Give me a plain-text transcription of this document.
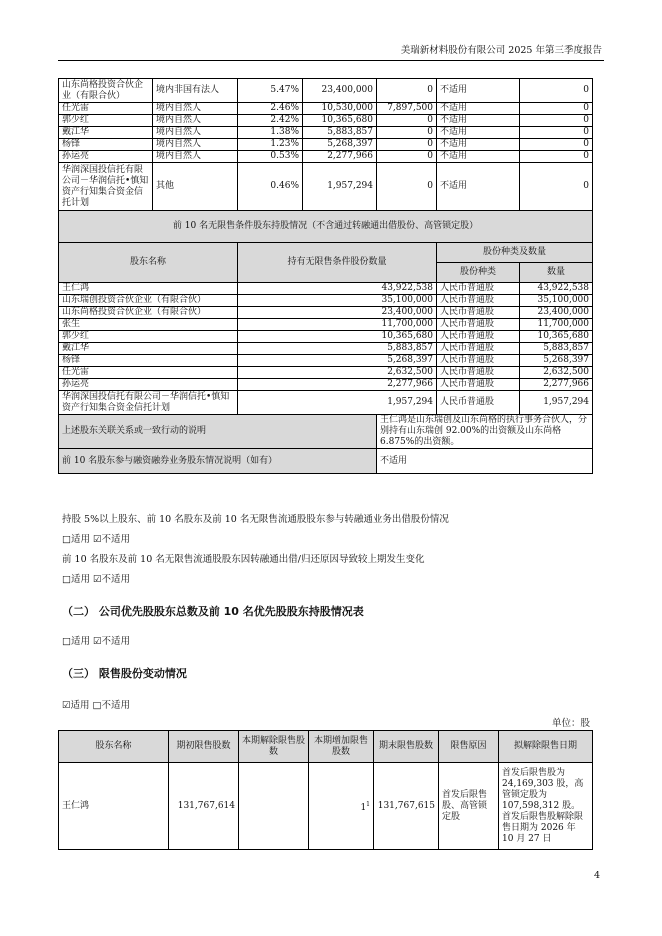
美瑞新材料股份有限公司 2025 年第三季度报告
山东尚格投资合伙企业（有限合伙）	境内非国有法人	5.47%	23,400,000	0	不适用	0
任光雷	境内自然人	2.46%	10,530,000	7,897,500	不适用	0
郭少红	境内自然人	2.42%	10,365,680	0	不适用	0
戴江华	境内自然人	1.38%	5,883,857	0	不适用	0
杨锋	境内自然人	1.23%	5,268,397	0	不适用	0
孙运亮	境内自然人	0.53%	2,277,966	0	不适用	0
华润深国投信托有限公司－华润信托•慎知资产行知集合资金信托计划	其他	0.46%	1,957,294	0	不适用	0
前 10 名无限售条件股东持股情况（不含通过转融通出借股份、高管锁定股）						
股东名称		持有无限售条件股份数量			股份种类及数量	
					股份种类	数量
王仁鸿		43,922,538			人民币普通股	43,922,538
山东瑞创投资合伙企业（有限合伙）		35,100,000			人民币普通股	35,100,000
山东尚格投资合伙企业（有限合伙）		23,400,000			人民币普通股	23,400,000
张生		11,700,000			人民币普通股	11,700,000
郭少红		10,365,680			人民币普通股	10,365,680
戴江华		5,883,857			人民币普通股	5,883,857
杨锋		5,268,397			人民币普通股	5,268,397
任光雷		2,632,500			人民币普通股	2,632,500
孙运亮		2,277,966			人民币普通股	2,277,966
华润深国投信托有限公司－华润信托•慎知资产行知集合资金信托计划		1,957,294			人民币普通股	1,957,294
上述股东关联关系或一致行动的说明				王仁鸿是山东瑞创及山东尚格的执行事务合伙人，分别持有山东瑞创 92.00%的出资额及山东尚格 6.875%的出资额。		
前 10 名股东参与融资融券业务股东情况说明（如有）				不适用		
持股 5%以上股东、前 10 名股东及前 10 名无限售流通股股东参与转融通业务出借股份情况
□适用 ☑不适用
前 10 名股东及前 10 名无限售流通股股东因转融通出借/归还原因导致较上期发生变化
□适用 ☑不适用
（二） 公司优先股股东总数及前 10 名优先股股东持股情况表
□适用 ☑不适用
（三） 限售股份变动情况
☑适用 □不适用
单位：股
股东名称	期初限售股数	本期解除限售股数	本期增加限售股数	期末限售股数	限售原因	拟解除限售日期
王仁鸿	131,767,614		$1^1$	131,767,615	首发后限售股、高管锁定股	首发后限售股为 24,169,303 股，高管锁定股为 107,598,312 股。首发后限售股解除限售日期为 2026 年 10 月 27 日
4
